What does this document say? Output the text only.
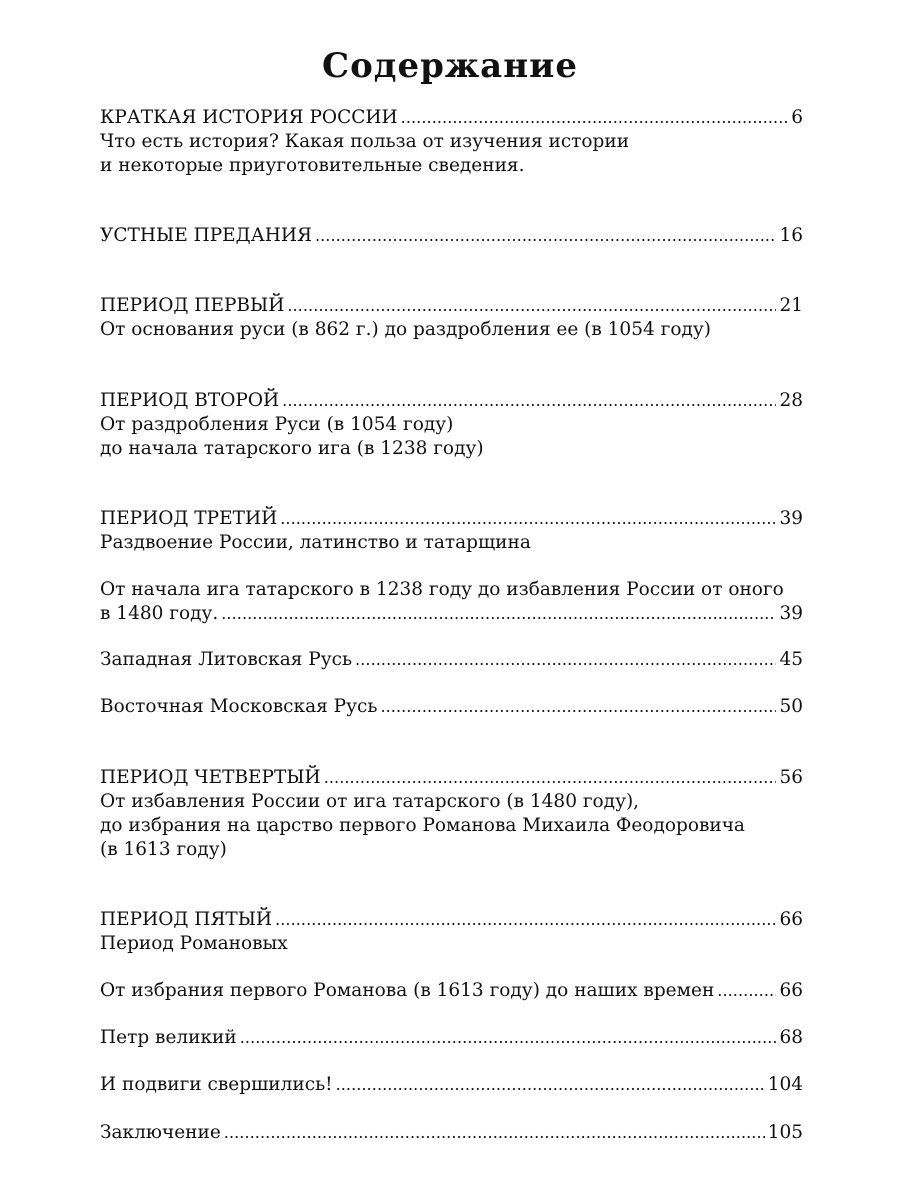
Содержание
КРАТКАЯ ИСТОРИЯ РОССИИ . . .	6
Что есть история? Какая польза от изучения истории
и некоторые приуготовительные сведения.
УСТНЫЕ ПРЕДАНИЯ . . .	16
ПЕРИОД ПЕРВЫЙ . . .	21
От основания руси (в 862 г.) до раздробления ее (в 1054 году)
ПЕРИОД ВТОРОЙ . . .	28
От раздробления Руси (в 1054 году)
до начала татарского ига (в 1238 году)
ПЕРИОД ТРЕТИЙ . . .	39
Раздвоение России, латинство и татарщина
От начала ига татарского в 1238 году до избавления России от оного
в 1480 году. . . .	39
Западная Литовская Русь . . .	45
Восточная Московская Русь . . .	50
ПЕРИОД ЧЕТВЕРТЫЙ . . .	56
От избавления России от ига татарского (в 1480 году),
до избрания на царство первого Романова Михаила Феодоровича
(в 1613 году)
ПЕРИОД ПЯТЫЙ . . .	66
Период Романовых
От избрания первого Романова (в 1613 году) до наших времен . . .	66
Петр великий . . .	68
И подвиги свершились! . . .	104
Заключение . . .	105
